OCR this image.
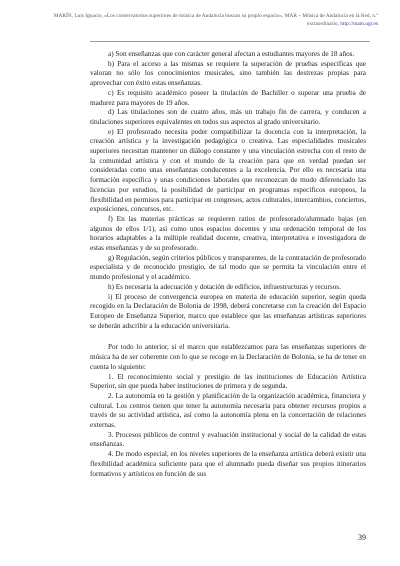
MARÍN, Luis Ignacio, «Los conservatorios superiores de música de Andalucía buscan su propio espacio», MAR – Música de Andalucía en la Red, n.º extraordinario, http://mam.ugr.es

a) Son enseñanzas que con carácter general afectan a estudiantes mayores de 18 años.

b) Para el acceso a las mismas se requiere la superación de pruebas específicas que valoran no sólo los conocimientos musicales, sino también las destrezas propias para aprovechar con éxito estas enseñanzas.

c) Es requisito académico poseer la titulación de Bachiller o superar una prueba de madurez para mayores de 19 años.

d) Las titulaciones son de cuatro años, más un trabajo fin de carrera, y conducen a titulaciones superiores equivalentes en todos sus aspectos al grado universitario.

e) El profesorado necesita poder compatibilizar la docencia con la interpretación, la creación artística y la investigación pedagógica o creativa. Las especialidades musicales superiores necesitan mantener un diálogo constante y una vinculación estrecha con el resto de la comunidad artística y con el mundo de la creación para que en verdad puedan ser consideradas como unas enseñanzas conducentes a la excelencia. Por ello es necesaria una formación específica y unas condiciones laborales que reconozcan de modo diferenciado las licencias por estudios, la posibilidad de participar en programas específicos europeos, la flexibilidad en permisos para participar en congresos, actos culturales, intercambios, conciertos, exposiciones, concursos, etc.

f) En las materias prácticas se requieren ratios de profesorado/alumnado bajas (en algunos de ellos 1/1), así como unos espacios docentes y una ordenación temporal de los horarios adaptables a la múltiple realidad docente, creativa, interpretativa e investigadora de estas enseñanzas y de su profesorado.

g) Regulación, según criterios públicos y transparentes, de la contratación de profesorado especialista y de reconocido prestigio, de tal modo que se permita la vinculación entre el mundo profesional y el académico.

h) Es necesaria la adecuación y dotación de edificios, infraestructuras y recursos.

i) El proceso de convergencia europea en materia de educación superior, según queda recogido en la Declaración de Bolonia de 1998, deberá concretarse con la creación del Espacio Europeo de Enseñanza Superior, marco que establece que las enseñanzas artísticas superiores se deberán adscribir a la educación universitaria.

Por todo lo anterior, si el marco que establezcamos para las enseñanzas superiores de música ha de ser coherente con lo que se recoge en la Declaración de Bolonia, se ha de tener en cuenta lo siguiente:

1. El reconocimiento social y prestigio de las instituciones de Educación Artística Superior, sin que pueda haber instituciones de primera y de segunda.

2. La autonomía en la gestión y planificación de la organización académica, financiera y cultural. Los centros tienen que tener la autonomía necesaria para obtener recursos propios a través de su actividad artística, así como la autonomía plena en la concertación de relaciones externas.

3. Procesos públicos de control y evaluación institucional y social de la calidad de estas enseñanzas.

4. De modo especial, en los niveles superiores de la enseñanza artística deberá existir una flexibilidad académica suficiente para que el alumnado pueda diseñar sus propios itinerarios formativos y artísticos en función de sus

39
